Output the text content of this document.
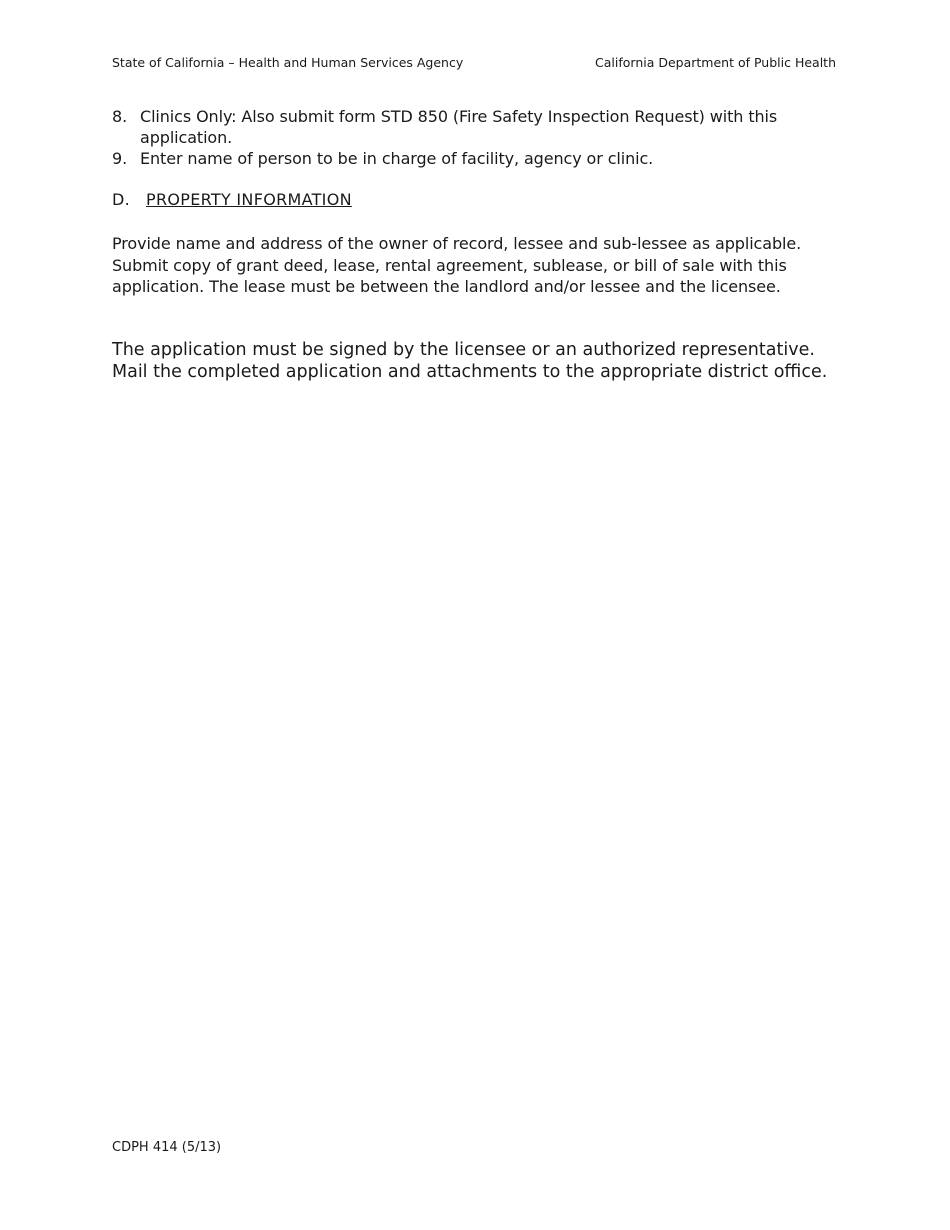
State of California – Health and Human Services Agency	California Department of Public Health
8. Clinics Only: Also submit form STD 850 (Fire Safety Inspection Request) with this application.
9. Enter name of person to be in charge of facility, agency or clinic.
D. PROPERTY INFORMATION

Provide name and address of the owner of record, lessee and sub-lessee as applicable.
Submit copy of grant deed, lease, rental agreement, sublease, or bill of sale with this
application. The lease must be between the landlord and/or lessee and the licensee.

The application must be signed by the licensee or an authorized representative.
Mail the completed application and attachments to the appropriate district office.

CDPH 414 (5/13)
